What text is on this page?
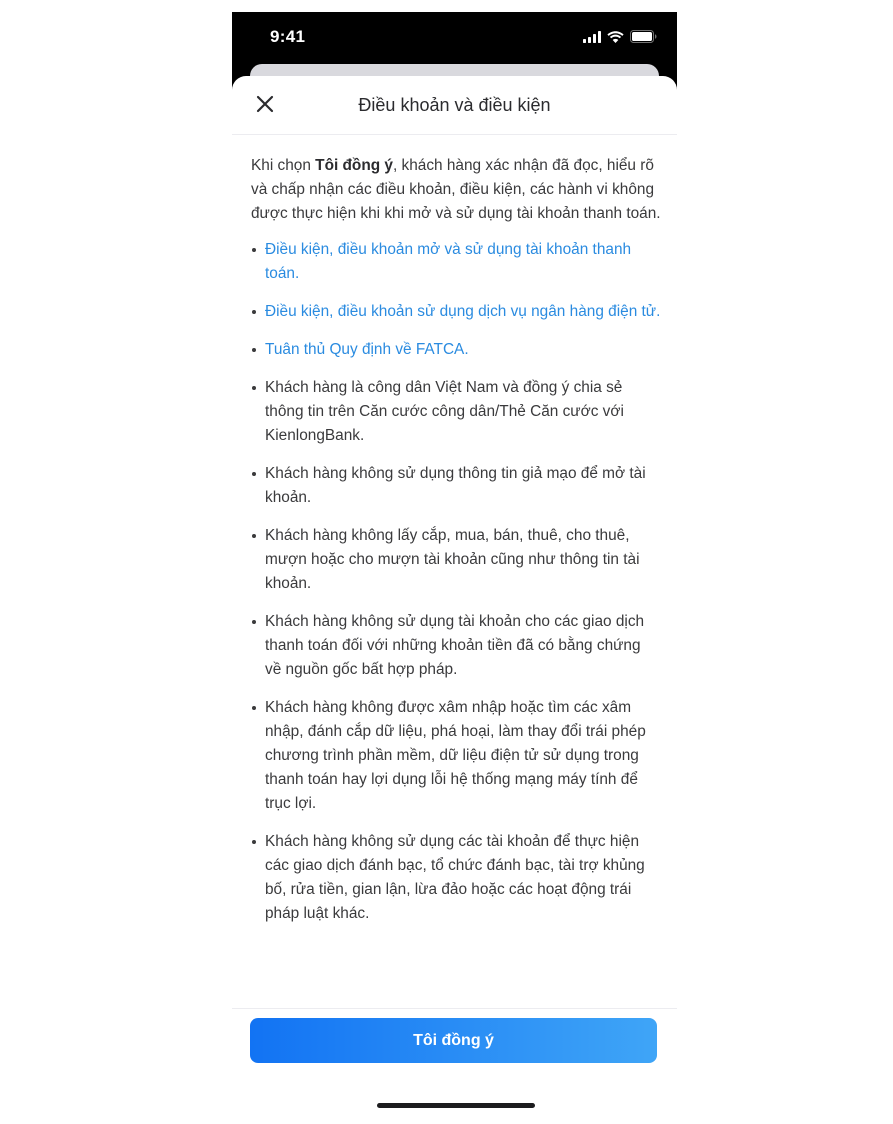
9:41
Điều khoản và điều kiện

Khi chọn Tôi đồng ý, khách hàng xác nhận đã đọc, hiểu rõ và chấp nhận các điều khoản, điều kiện, các hành vi không được thực hiện khi khi mở và sử dụng tài khoản thanh toán.

Điều kiện, điều khoản mở và sử dụng tài khoản thanh toán.
Điều kiện, điều khoản sử dụng dịch vụ ngân hàng điện tử.
Tuân thủ Quy định về FATCA.
Khách hàng là công dân Việt Nam và đồng ý chia sẻ thông tin trên Căn cước công dân/Thẻ Căn cước với KienlongBank.
Khách hàng không sử dụng thông tin giả mạo để mở tài khoản.
Khách hàng không lấy cắp, mua, bán, thuê, cho thuê, mượn hoặc cho mượn tài khoản cũng như thông tin tài khoản.
Khách hàng không sử dụng tài khoản cho các giao dịch thanh toán đối với những khoản tiền đã có bằng chứng về nguồn gốc bất hợp pháp.
Khách hàng không được xâm nhập hoặc tìm các xâm nhập, đánh cắp dữ liệu, phá hoại, làm thay đổi trái phép chương trình phần mềm, dữ liệu điện tử sử dụng trong thanh toán hay lợi dụng lỗi hệ thống mạng máy tính để trục lợi.
Khách hàng không sử dụng các tài khoản để thực hiện các giao dịch đánh bạc, tổ chức đánh bạc, tài trợ khủng bố, rửa tiền, gian lận, lừa đảo hoặc các hoạt động trái pháp luật khác.
Tôi đồng ý
